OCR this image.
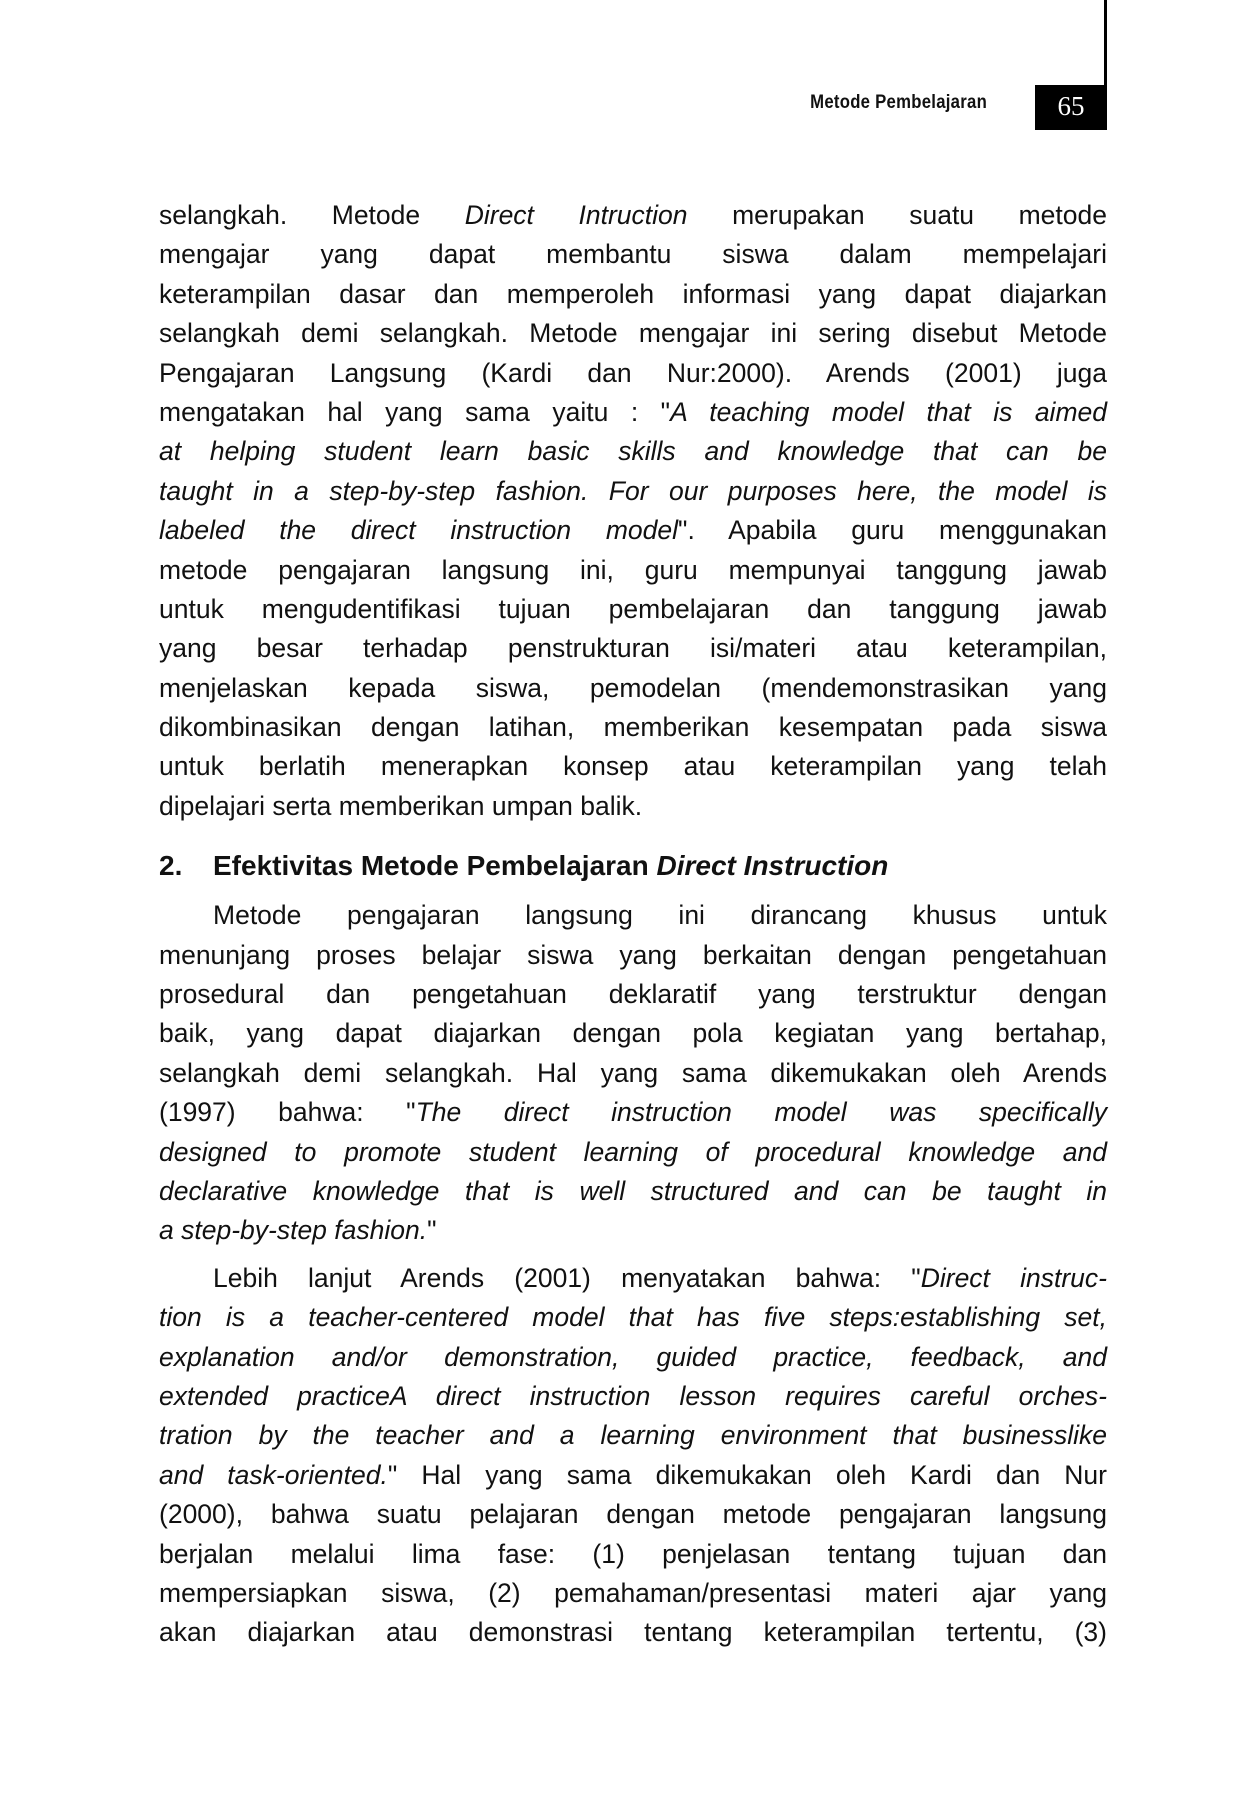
Metode Pembelajaran	65
selangkah. Metode Direct Intruction merupakan suatu metode
mengajar yang dapat membantu siswa dalam mempelajari
keterampilan dasar dan memperoleh informasi yang dapat diajarkan
selangkah demi selangkah. Metode mengajar ini sering disebut Metode
Pengajaran Langsung (Kardi dan Nur:2000). Arends (2001) juga
mengatakan hal yang sama yaitu : "A teaching model that is aimed
at helping student learn basic skills and knowledge that can be
taught in a step-by-step fashion. For our purposes here, the model is
labeled the direct instruction model". Apabila guru menggunakan
metode pengajaran langsung ini, guru mempunyai tanggung jawab
untuk mengudentifikasi tujuan pembelajaran dan tanggung jawab
yang besar terhadap penstrukturan isi/materi atau keterampilan,
menjelaskan kepada siswa, pemodelan (mendemonstrasikan yang
dikombinasikan dengan latihan, memberikan kesempatan pada siswa
untuk berlatih menerapkan konsep atau keterampilan yang telah
dipelajari serta memberikan umpan balik.
2. Efektivitas Metode Pembelajaran Direct Instruction
Metode pengajaran langsung ini dirancang khusus untuk
menunjang proses belajar siswa yang berkaitan dengan pengetahuan
prosedural dan pengetahuan deklaratif yang terstruktur dengan
baik, yang dapat diajarkan dengan pola kegiatan yang bertahap,
selangkah demi selangkah. Hal yang sama dikemukakan oleh Arends
(1997) bahwa: "The direct instruction model was specifically
designed to promote student learning of procedural knowledge and
declarative knowledge that is well structured and can be taught in
a step-by-step fashion."
Lebih lanjut Arends (2001) menyatakan bahwa: "Direct instruc-
tion is a teacher-centered model that has five steps:establishing set,
explanation and/or demonstration, guided practice, feedback, and
extended practiceA direct instruction lesson requires careful orches-
tration by the teacher and a learning environment that businesslike
and task-oriented." Hal yang sama dikemukakan oleh Kardi dan Nur
(2000), bahwa suatu pelajaran dengan metode pengajaran langsung
berjalan melalui lima fase: (1) penjelasan tentang tujuan dan
mempersiapkan siswa, (2) pemahaman/presentasi materi ajar yang
akan diajarkan atau demonstrasi tentang keterampilan tertentu, (3)
